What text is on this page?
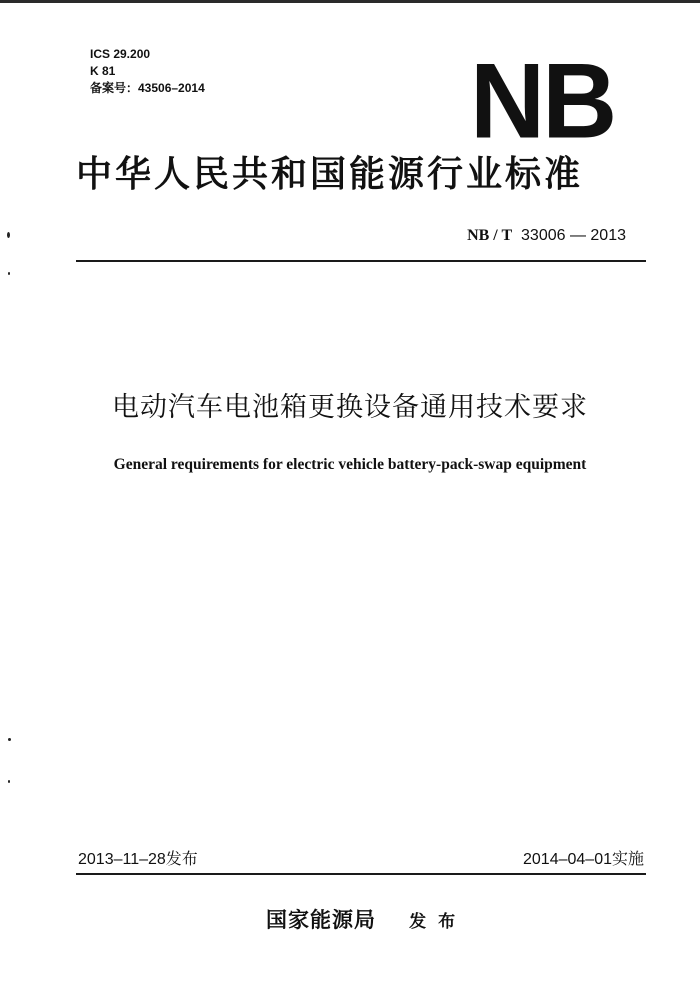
ICS 29.200
K 81
备案号：43506–2014	NB
中华人民共和国能源行业标准
NB / T 33006 — 2013
电动汽车电池箱更换设备通用技术要求
General requirements for electric vehicle battery-pack-swap equipment
2013–11–28发布	2014–04–01实施
国家能源局 发布
